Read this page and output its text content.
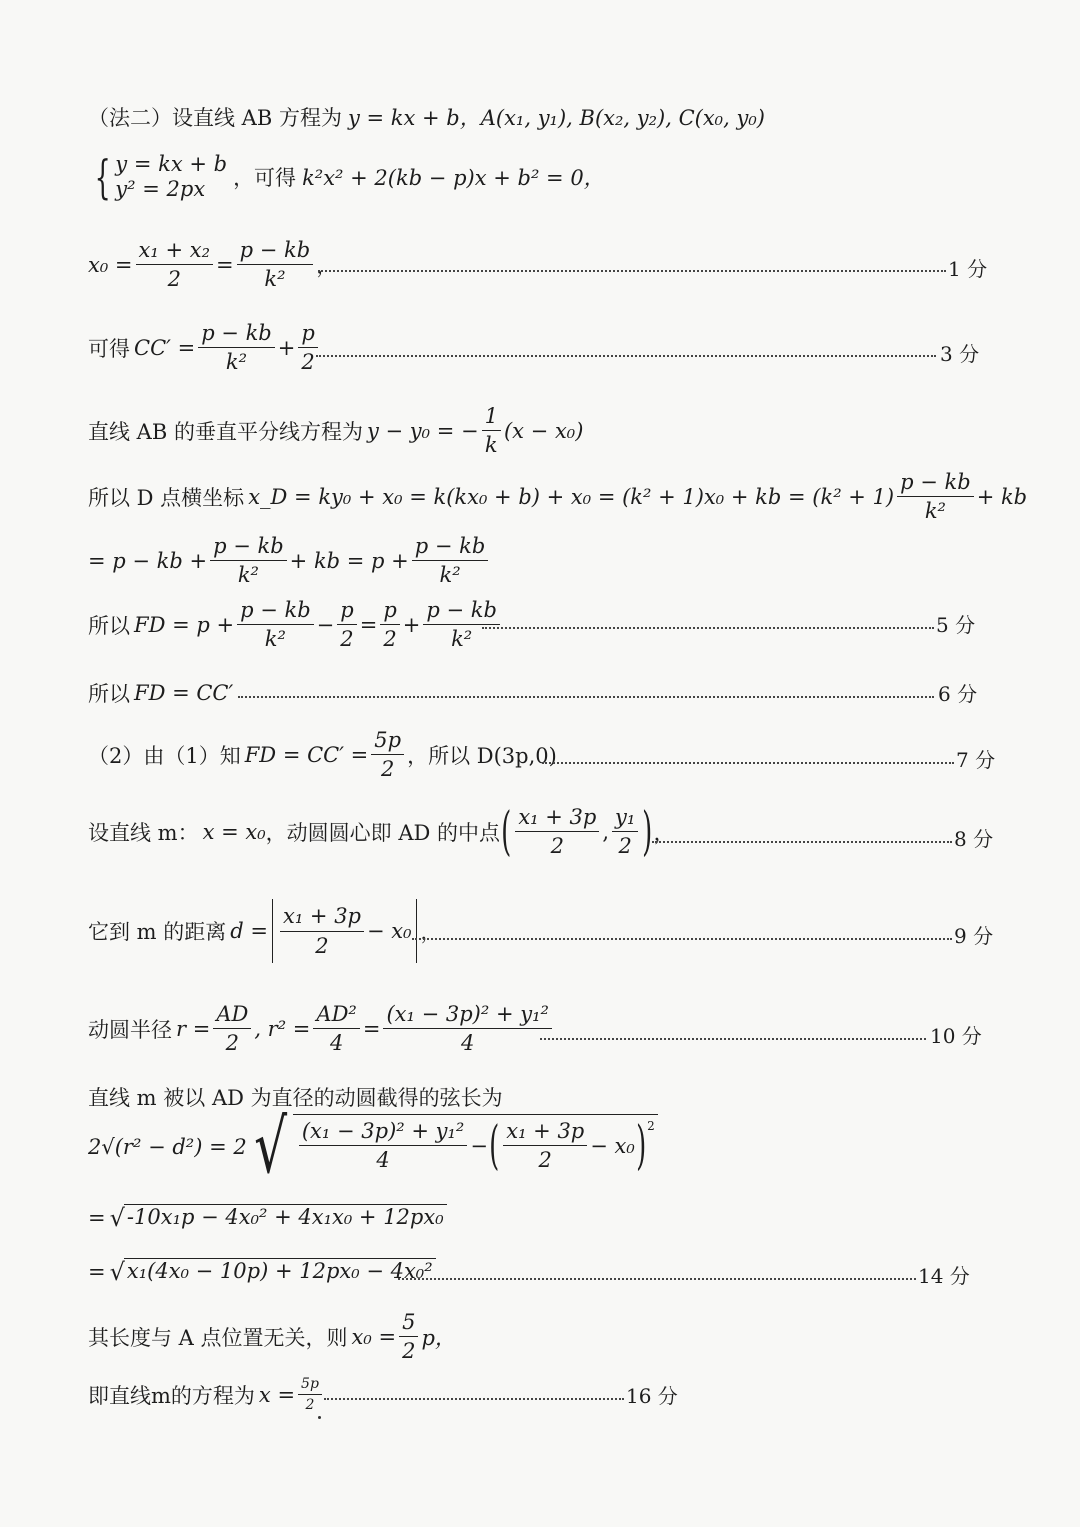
（法二）设直线 AB 方程为 y = kx + b，A(x₁, y₁), B(x₂, y₂), C(x₀, y₀)
{ y = kx + b
y² = 2px	，可得 k²x² + 2(kb − p)x + b² = 0，
$x_0 = \frac{\text{x₁ + x₂}}{2} = \frac{p - kb}{\text{k²}}$ ，	1 分
可得 $CC' = \frac{p - kb}{\text{k²}} + \frac{p}{2}$	3 分
直线 AB 的垂直平分线方程为 y − y₀ = − $\frac{1}{k} (x - x_0)$
所以 D 点横坐标 x_D = ky₀ + x₀ = k(kx₀ + b) + x₀ = (k² + 1)x₀ + kb = $(k^2 + 1) \frac{p - kb}{\text{k²}}$ + kb
= p − kb + $\frac{p - kb}{\text{k²}}$ + kb = $p + \frac{p - kb}{\text{k²}}$
所以 FD = $p + \frac{p - kb}{\text{k²}} - \frac{p}{2} = \frac{p}{2} + \frac{p - kb}{\text{k²}}$	5 分
所以 FD = CC′	6 分
（2）由（1）知 FD = $CC' = \frac{5p}{2}$ ，所以 D(3p,0)	7 分
设直线 m： x = x₀ ，动圆圆心即 AD 的中点 ( $\frac{\text{x₁ + 3p}}{2}$ , $\frac{\text{y₁}}{2}$ ) ，	8 分
它到 m 的距离 $d = \frac{\text{x₁ + 3p}}{2} - x_0$ ，	9 分
动圆半径 $r = \frac{AD}{2}$ , $r^2 = \frac{\text{AD²}}{4} = \frac{\text{(x₁ − 3p)² + y₁²}}{4}$	10 分
直线 m 被以 AD 为直径的动圆截得的弦长为
2√(r² − d²) = 2 √ $\frac{\text{(x₁ − 3p)² + y₁²}}{4}$ − ( $\frac{\text{x₁ + 3p}}{2} - x_0$ )$^2$
= √ -10x₁p − 4x₀² + 4x₁x₀ + 12px₀
= √ x₁(4x₀ − 10p) + 12px₀ − 4x₀²	14 分
其长度与 A 点位置无关，则 $x_0 = \frac{5}{2}$ p，
即直线m的方程为 $x = \frac{5p}{2}$	16 分
